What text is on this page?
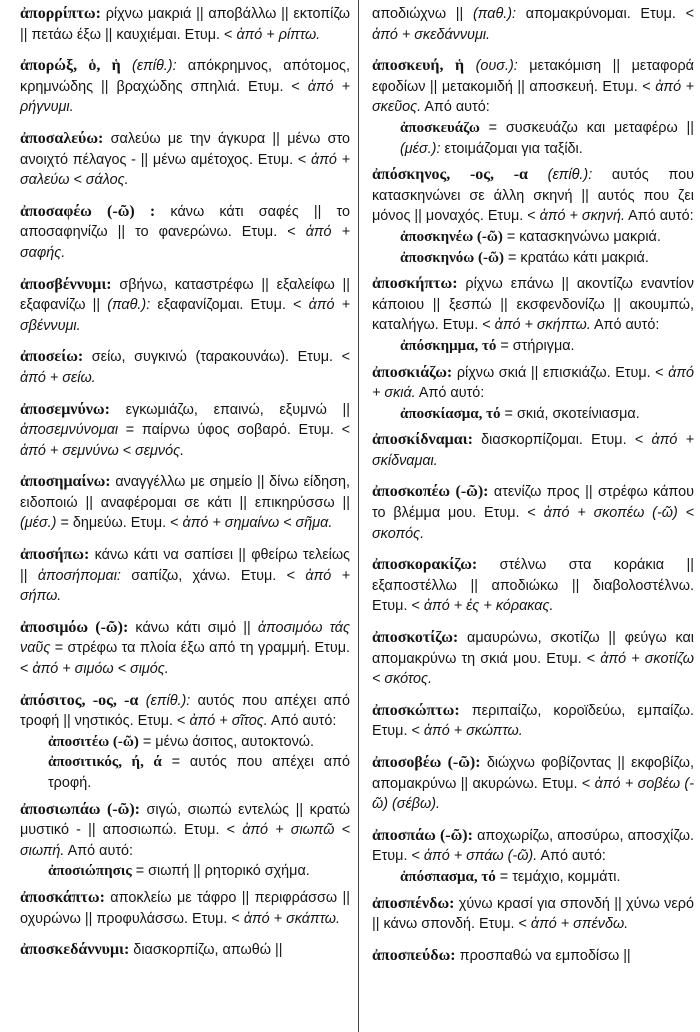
ἀπορρίπτω: ρίχνω μακριά || αποβάλλω || εκτοπίζω || πετάω έξω || καυχιέμαι. Ετυμ. < ἀπό + ρίπτω.

ἀπορώξ, ὁ, ἡ (επίθ.): απόκρημνος, απότομος, κρημνώδης || βραχώδης σπηλιά. Ετυμ. < ἀπό + ρήγνυμι.

ἀποσαλεύω: σαλεύω με την άγκυρα || μένω στο ανοιχτό πέλαγος - || μένω αμέτοχος. Ετυμ. < ἀπό + σαλεύω < σάλος.

ἀποσαφέω (-ῶ) : κάνω κάτι σαφές || το αποσαφηνίζω || το φανερώνω. Ετυμ. < ἀπό + σαφής.

ἀποσβέννυμι: σβήνω, καταστρέφω || εξαλείφω || εξαφανίζω || (παθ.): εξαφανίζομαι. Ετυμ. < ἀπό + σβέννυμι.

ἀποσείω: σείω, συγκινώ (ταρακουνάω). Ετυμ. < ἀπό + σείω.

ἀποσεμνύνω: εγκωμιάζω, επαινώ, εξυμνώ || ἀποσεμνύνομαι = παίρνω ύφος σοβαρό. Ετυμ. < ἀπό + σεμνύνω < σεμνός.

ἀποσημαίνω: αναγγέλλω με σημείο || δίνω είδηση, ειδοποιώ || αναφέρομαι σε κάτι || επικηρύσσω || (μέσ.) = δημεύω. Ετυμ. < ἀπό + σημαίνω < σῆμα.

ἀποσήπω: κάνω κάτι να σαπίσει || φθείρω τελείως || ἀποσήπομαι: σαπίζω, χάνω. Ετυμ. < ἀπό + σήπω.

ἀποσιμόω (-ῶ): κάνω κάτι σιμό || ἀποσιμόω τάς ναῦς = στρέφω τα πλοία έξω από τη γραμμή. Ετυμ. < ἀπό + σιμόω < σιμός.

ἀπόσιτος, -ος, -α (επίθ.): αυτός που απέχει από τροφή || νηστικός. Ετυμ. < ἀπό + σῖτος. Από αυτό:
ἀποσιτέω (-ῶ) = μένω άσιτος, αυτοκτονώ.
ἀποσιτικός, ή, ά = αυτός που απέχει από τροφή.
ἀποσιωπάω (-ῶ): σιγώ, σιωπώ εντελώς || κρατώ μυστικό - || αποσιωπώ. Ετυμ. < ἀπό + σιωπῶ < σιωπή. Από αυτό:
ἀποσιώπησις = σιωπή || ρητορικό σχήμα.

ἀποσκάπτω: αποκλείω με τάφρο || περιφράσσω || οχυρώνω || προφυλάσσω. Ετυμ. < ἀπό + σκάπτω.

ἀποσκεδάννυμι: διασκορπίζω, απωθώ ||

αποδιώχνω || (παθ.): απομακρύνομαι. Ετυμ. < ἀπό + σκεδάννυμι.

ἀποσκευή, ἡ (ουσ.): μετακόμιση || μεταφορά εφοδίων || μετακομιδή || αποσκευή. Ετυμ. < ἀπό + σκεῦος. Από αυτό:
ἀποσκευάζω = συσκευάζω και μεταφέρω || (μέσ.): ετοιμάζομαι για ταξίδι.
ἀπόσκηνος, -ος, -α (επίθ.): αυτός που κατασκηνώνει σε άλλη σκηνή || αυτός που ζει μόνος || μοναχός. Ετυμ. < ἀπό + σκηνή. Από αυτό:
ἀποσκηνέω (-ῶ) = κατασκηνώνω μακριά.
ἀποσκηνόω (-ῶ) = κρατάω κάτι μακριά.
ἀποσκήπτω: ρίχνω επάνω || ακοντίζω εναντίον κάποιου || ξεσπώ || εκσφενδονίζω || ακουμπώ, καταλήγω. Ετυμ. < ἀπό + σκήπτω. Από αυτό:
ἀπόσκημμα, τό = στήριγμα.
ἀποσκιάζω: ρίχνω σκιά || επισκιάζω. Ετυμ. < ἀπό + σκιά. Από αυτό:
ἀποσκίασμα, τό = σκιά, σκοτείνιασμα.

ἀποσκίδναμαι: διασκορπίζομαι. Ετυμ. < ἀπό + σκίδναμαι.

ἀποσκοπέω (-ῶ): ατενίζω προς || στρέφω κάπου το βλέμμα μου. Ετυμ. < ἀπό + σκοπέω (-ῶ) < σκοπός.

ἀποσκορακίζω: στέλνω στα κοράκια || εξαποστέλλω || αποδιώκω || διαβολοστέλνω. Ετυμ. < ἀπό + ἐς + κόρακας.

ἀποσκοτίζω: αμαυρώνω, σκοτίζω || φεύγω και απομακρύνω τη σκιά μου. Ετυμ. < ἀπό + σκοτίζω < σκότος.

ἀποσκώπτω: περιπαίζω, κοροϊδεύω, εμπαίζω. Ετυμ. < ἀπό + σκώπτω.

ἀποσοβέω (-ῶ): διώχνω φοβίζοντας || εκφοβίζω, απομακρύνω || ακυρώνω. Ετυμ. < ἀπό + σοβέω (-ῶ) (σέβω).

ἀποσπάω (-ῶ): αποχωρίζω, αποσύρω, αποσχίζω. Ετυμ. < ἀπό + σπάω (-ῶ). Από αυτό:
ἀπόσπασμα, τό = τεμάχιο, κομμάτι.

ἀποσπένδω: χύνω κρασί για σπονδή || χύνω νερό || κάνω σπονδή. Ετυμ. < ἀπό + σπένδω.

ἀποσπεύδω: προσπαθώ να εμποδίσω ||
